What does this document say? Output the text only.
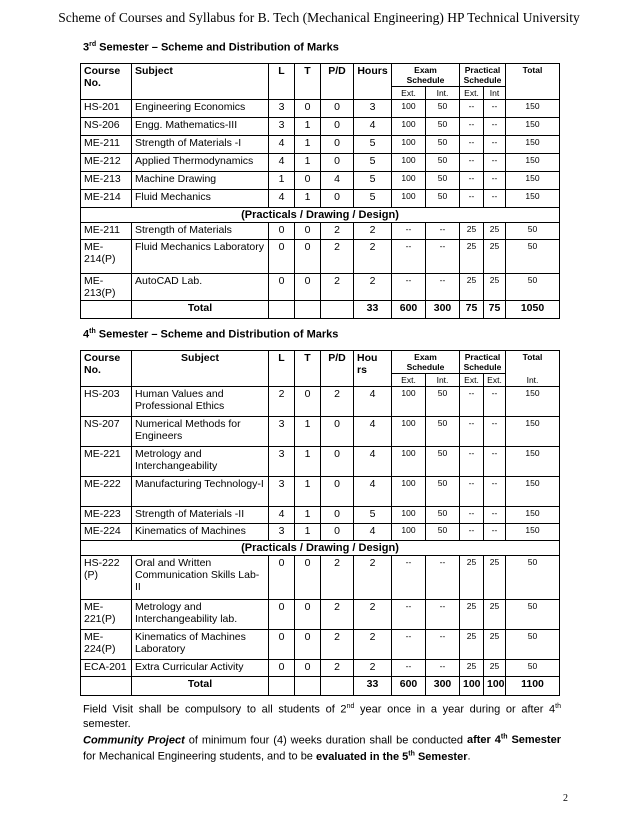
Scheme of Courses and Syllabus for B. Tech (Mechanical Engineering) HP Technical University
3rd Semester – Scheme and Distribution of Marks
Course No.	Subject	L	T	P/D	Hours	Exam Schedule		Practical Schedule		Total
						Ext.	Int.	Ext.	Int	
HS-201	Engineering Economics	3	0	0	3	100	50	--	--	150
NS-206	Engg. Mathematics-III	3	1	0	4	100	50	--	--	150
ME-211	Strength of Materials -I	4	1	0	5	100	50	--	--	150
ME-212	Applied Thermodynamics	4	1	0	5	100	50	--	--	150
ME-213	Machine Drawing	1	0	4	5	100	50	--	--	150
ME-214	Fluid Mechanics	4	1	0	5	100	50	--	--	150
(Practicals / Drawing / Design)										
ME-211	Strength of Materials	0	0	2	2	--	--	25	25	50
ME-214(P)	Fluid Mechanics Laboratory	0	0	2	2	--	--	25	25	50
ME-213(P)	AutoCAD Lab.	0	0	2	2	--	--	25	25	50
	Total				33	600	300	75	75	1050
4th Semester – Scheme and Distribution of Marks
Course No.	Subject	L	T	P/D	Hou rs	Exam Schedule		Practical Schedule		Total
						Ext.	Int.	Ext.	Ext.	Int.
HS-203	Human Values and Professional Ethics	2	0	2	4	100	50	--	--	150
NS-207	Numerical Methods for Engineers	3	1	0	4	100	50	--	--	150
ME-221	Metrology and Interchangeability	3	1	0	4	100	50	--	--	150
ME-222	Manufacturing Technology-I	3	1	0	4	100	50	--	--	150
ME-223	Strength of Materials -II	4	1	0	5	100	50	--	--	150
ME-224	Kinematics of Machines	3	1	0	4	100	50	--	--	150
(Practicals / Drawing / Design)										
HS-222 (P)	Oral and Written Communication Skills Lab-II	0	0	2	2	--	--	25	25	50
ME-221(P)	Metrology and Interchangeability lab.	0	0	2	2	--	--	25	25	50
ME-224(P)	Kinematics of Machines Laboratory	0	0	2	2	--	--	25	25	50
ECA-201	Extra Curricular Activity	0	0	2	2	--	--	25	25	50
	Total				33	600	300	100	100	1100
Field Visit shall be compulsory to all students of 2nd year once in a year during or after 4th semester.
Community Project of minimum four (4) weeks duration shall be conducted after 4th Semester for Mechanical Engineering students, and to be evaluated in the 5th Semester.
2
